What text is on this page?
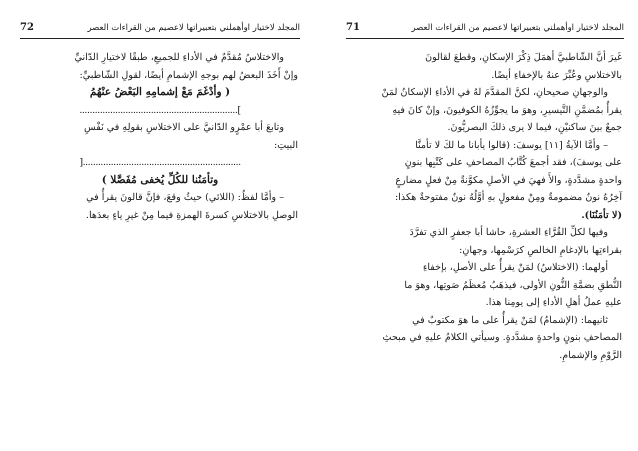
71	المجلد لاختيار اوأهملني بتعبيراتها لاعصيم من القراءات العصر

غَيرَ أنَّ الشّاطبيَّ أهمَلَ ذِكْرَ الإسكانِ، وقطعَ لقالونَ

بالاختلاسِ وعُبِّرَ عنهُ بالإخفاءِ أيضًا.

والوجهانِ صحيحانِ، لكنَّ المقدَّمَ لهُ في الأداءِ الإسكانُ لمَنْ

يقرأُ بمُضمَّنِ التَّيسيرِ، وهوَ ما يجوِّزُهُ الكوفيونَ، وإنْ كانَ فيهِ

جمعٌ بينَ ساكنيْنِ، فيما لا يرى ذلكَ البصريُّونَ.

– وأمَّا الآيةُ [١١] يوسفَ: (قالوا يأبانا ما لكَ لا تأمنَّا

على يوسفَ)، فقد أجمعَ كُتَّابُ المصاحفِ على كَتْبِها بنونٍ

واحدةٍ مشدَّدةٍ، والأَ فهيَ في الأصلِ مكوَّنةٌ مِنْ فعلٍ مضارعٍ

آخِرُهُ نونٌ مضمومةٌ ومِنْ مفعولٍ بهِ أوَّلُهُ نونٌ مفتوحةٌ هكذا:

(لا تأمَنُنَا).

وفيها لكلِّ القُرَّاءِ العشرةِ، حاشا أبا جعفرٍ الذي تفرَّدَ

بقراءتِها بالإدغامِ الخالصِ كرَسْمِها، وجهانِ:

أولهما: (الاختلاسُ) لمَنْ يقرأُ على الأصلِ، بإخفاءِ

النُّطقِ بضمَّةِ النُّونِ الأولى، فيذهَبُ مُعظَمُ صَوتِها، وهوَ ما

عليهِ عملُ أهلِ الأداءِ إلى يومِنا هذا.

ثانيهما: (الإشمامُ) لمَنْ يقرأُ على ما هوَ مكتوبٌ في

المصاحفِ بنونٍ واحدةٍ مشدَّدةٍ. وسيأتي الكلامُ عليهِ في مبحثِ

الرَّوْمِ والإشمامِ.

72	المجلد لاختيار اوأهملني بتعبيراتها لاعصيم من القراءات العصر

والاختلاسُ مُقدَّمٌ في الأداءِ للجميعِ، طبقًا لاختيارِ الدّانيِّ

وإنْ أَخَذَ البعضُ لهم بوجهِ الإشمامِ أيضًا، لقولِ الشّاطبيِّ:

( وأدْغَمَ مَعْ إشمامِهِ البَعْضُ عنْهُمُ

]..............................................................

وتابعَ أبا عمْرٍو الدّانيَّ على الاختلاسِ بقولِهِ في نَفْسِ

البيتِ:

..............................................................[

وتأمَنُنا للكُلِّ يُخفى مُفَصَّلا )

– وأمَّا لفظُ: (اللائي) حيثُ وقعَ، فإنَّ قالونَ يقرأُ في

الوصلِ بالاختلاسِ كسرةَ الهمزةِ فيما مِنْ غيرِ ياءٍ بعدَها.
